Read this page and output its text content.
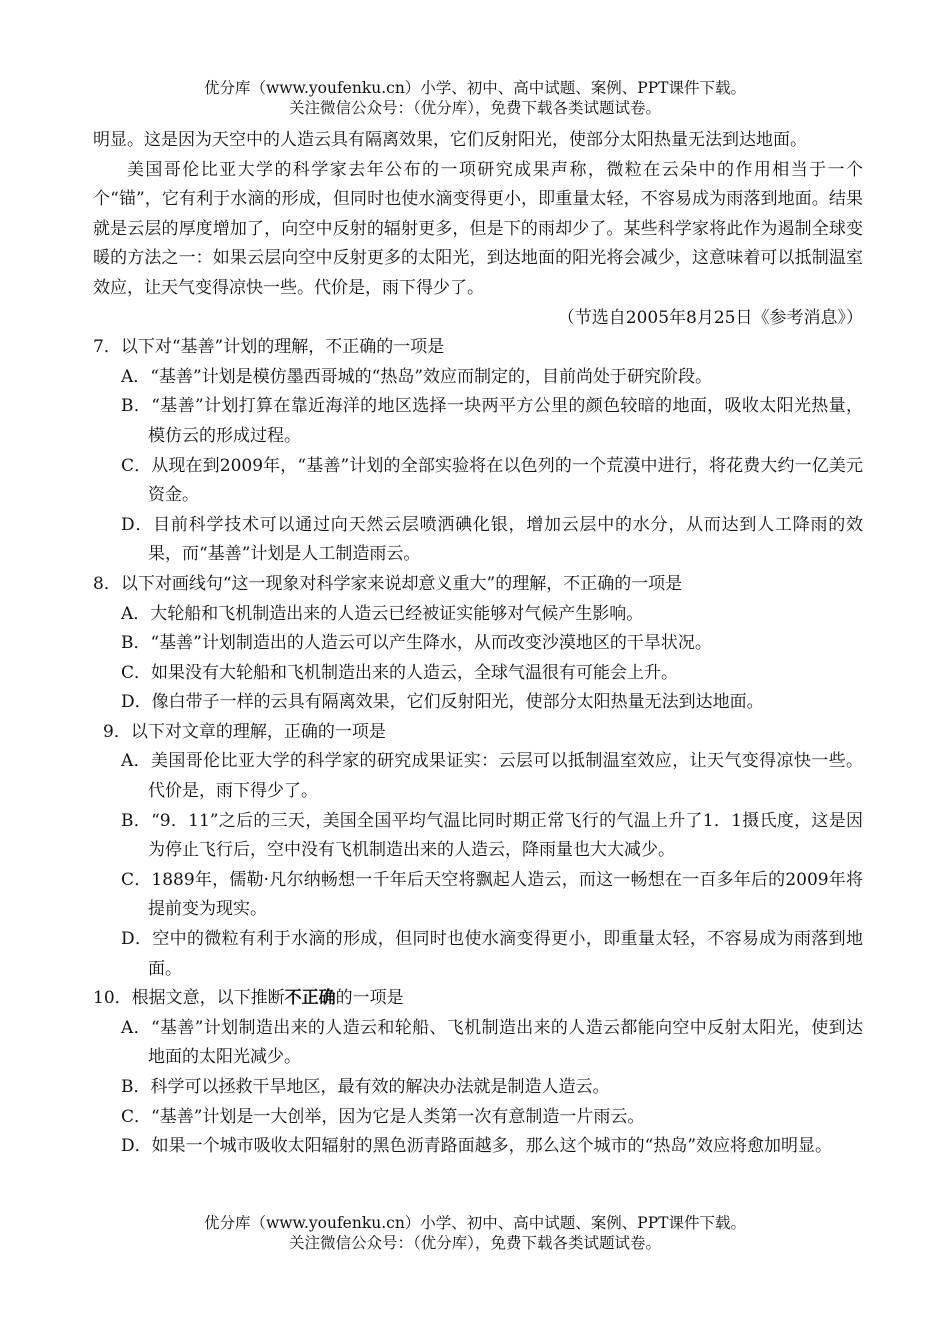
优分库（www.youfenku.cn）小学、初中、高中试题、案例、PPT课件下载。
关注微信公众号：（优分库），免费下载各类试题试卷。

明显。这是因为天空中的人造云具有隔离效果，它们反射阳光，使部分太阳热量无法到达地面。

美国哥伦比亚大学的科学家去年公布的一项研究成果声称，微粒在云朵中的作用相当于一个个“锚”，它有利于水滴的形成，但同时也使水滴变得更小，即重量太轻，不容易成为雨落到地面。结果就是云层的厚度增加了，向空中反射的辐射更多，但是下的雨却少了。某些科学家将此作为遏制全球变暖的方法之一：如果云层向空中反射更多的太阳光，到达地面的阳光将会减少，这意味着可以抵制温室效应，让天气变得凉快一些。代价是，雨下得少了。

（节选自2005年8月25日《参考消息》）

7．以下对“基善”计划的理解，不正确的一项是

A．“基善”计划是模仿墨西哥城的“热岛”效应而制定的，目前尚处于研究阶段。

B．“基善”计划打算在靠近海洋的地区选择一块两平方公里的颜色较暗的地面，吸收太阳光热量，模仿云的形成过程。

C．从现在到2009年，“基善”计划的全部实验将在以色列的一个荒漠中进行，将花费大约一亿美元资金。

D．目前科学技术可以通过向天然云层喷洒碘化银，增加云层中的水分，从而达到人工降雨的效果，而“基善”计划是人工制造雨云。

8．以下对画线句“这一现象对科学家来说却意义重大”的理解，不正确的一项是

A．大轮船和飞机制造出来的人造云已经被证实能够对气候产生影响。

B．“基善”计划制造出的人造云可以产生降水，从而改变沙漠地区的干旱状况。

C．如果没有大轮船和飞机制造出来的人造云，全球气温很有可能会上升。

D．像白带子一样的云具有隔离效果，它们反射阳光，使部分太阳热量无法到达地面。

9．以下对文章的理解，正确的一项是

A．美国哥伦比亚大学的科学家的研究成果证实：云层可以抵制温室效应，让天气变得凉快一些。代价是，雨下得少了。

B．“9．11”之后的三天，美国全国平均气温比同时期正常飞行的气温上升了1．1摄氏度，这是因为停止飞行后，空中没有飞机制造出来的人造云，降雨量也大大减少。

C．1889年，儒勒·凡尔纳畅想一千年后天空将飘起人造云，而这一畅想在一百多年后的2009年将提前变为现实。

D．空中的微粒有利于水滴的形成，但同时也使水滴变得更小，即重量太轻，不容易成为雨落到地面。

10．根据文意，以下推断不正确的一项是

A．“基善”计划制造出来的人造云和轮船、飞机制造出来的人造云都能向空中反射太阳光，使到达地面的太阳光减少。

B．科学可以拯救干旱地区，最有效的解决办法就是制造人造云。

C．“基善”计划是一大创举，因为它是人类第一次有意制造一片雨云。

D．如果一个城市吸收太阳辐射的黑色沥青路面越多，那么这个城市的“热岛”效应将愈加明显。

优分库（www.youfenku.cn）小学、初中、高中试题、案例、PPT课件下载。
关注微信公众号：（优分库），免费下载各类试题试卷。
